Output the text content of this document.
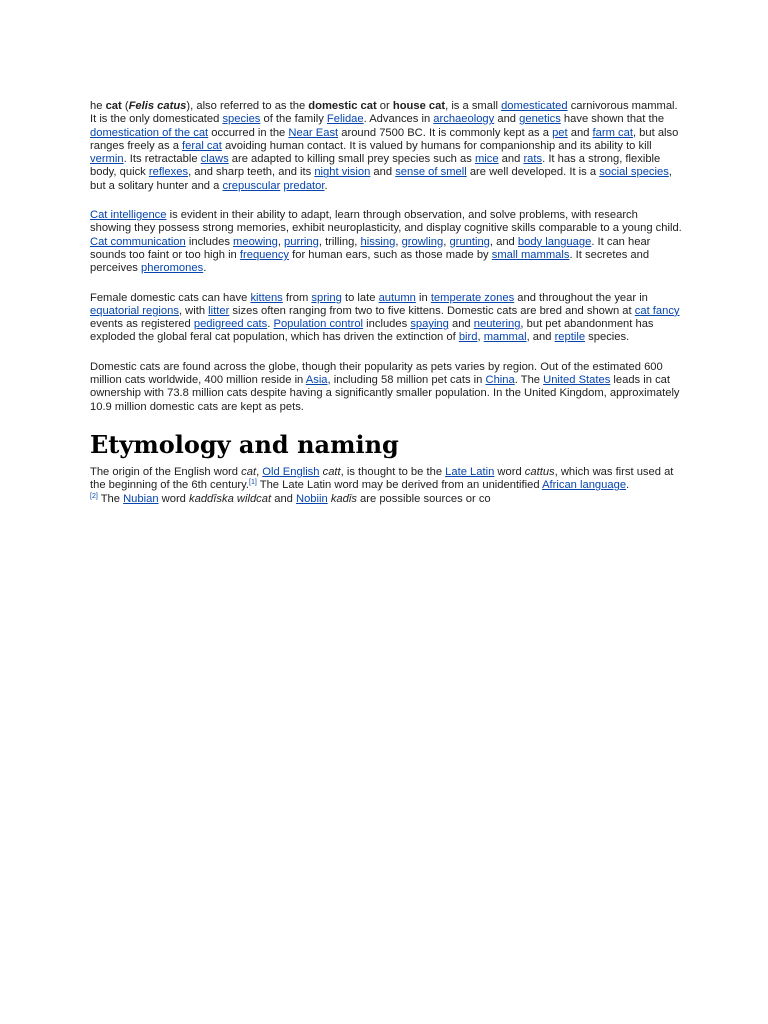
he cat (Felis catus), also referred to as the domestic cat or house cat, is a small domesticated carnivorous mammal. It is the only domesticated species of the family Felidae. Advances in archaeology and genetics have shown that the domestication of the cat occurred in the Near East around 7500 BC. It is commonly kept as a pet and farm cat, but also ranges freely as a feral cat avoiding human contact. It is valued by humans for companionship and its ability to kill vermin. Its retractable claws are adapted to killing small prey species such as mice and rats. It has a strong, flexible body, quick reflexes, and sharp teeth, and its night vision and sense of smell are well developed. It is a social species, but a solitary hunter and a crepuscular predator.

Cat intelligence is evident in their ability to adapt, learn through observation, and solve problems, with research showing they possess strong memories, exhibit neuroplasticity, and display cognitive skills comparable to a young child. Cat communication includes meowing, purring, trilling, hissing, growling, grunting, and body language. It can hear sounds too faint or too high in frequency for human ears, such as those made by small mammals. It secretes and perceives pheromones.

Female domestic cats can have kittens from spring to late autumn in temperate zones and throughout the year in equatorial regions, with litter sizes often ranging from two to five kittens. Domestic cats are bred and shown at cat fancy events as registered pedigreed cats. Population control includes spaying and neutering, but pet abandonment has exploded the global feral cat population, which has driven the extinction of bird, mammal, and reptile species.

Domestic cats are found across the globe, though their popularity as pets varies by region. Out of the estimated 600 million cats worldwide, 400 million reside in Asia, including 58 million pet cats in China. The United States leads in cat ownership with 73.8 million cats despite having a significantly smaller population. In the United Kingdom, approximately 10.9 million domestic cats are kept as pets.

Etymology and naming

The origin of the English word cat, Old English catt, is thought to be the Late Latin word cattus, which was first used at the beginning of the 6th century.[1] The Late Latin word may be derived from an unidentified African language.
[2] The Nubian word kaddîska wildcat and Nobiin kadīs are possible sources or co
